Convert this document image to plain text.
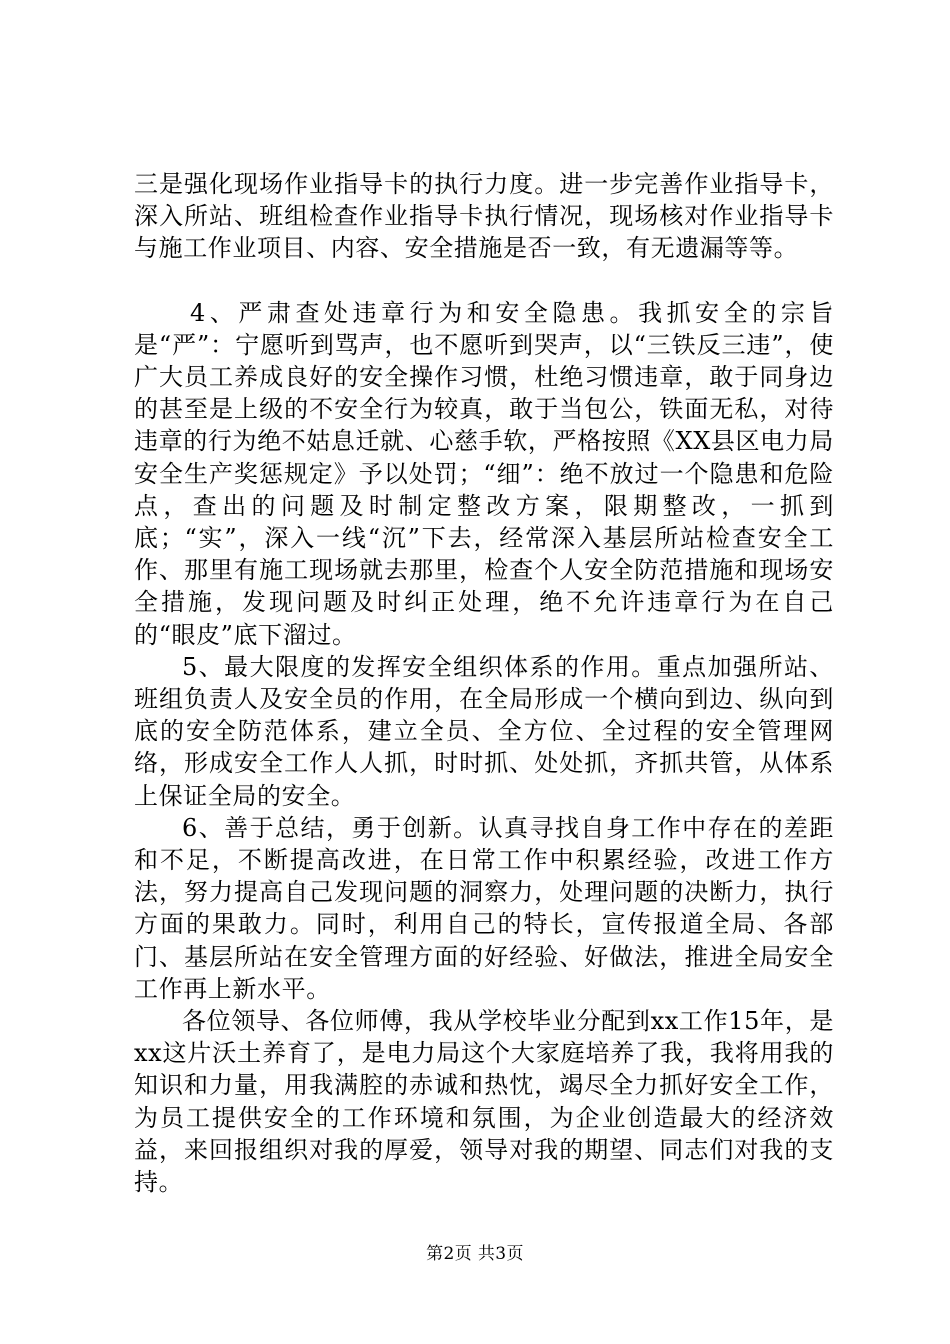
三是强化现场作业指导卡的执行力度。进一步完善作业指导卡，深入所站、班组检查作业指导卡执行情况，现场核对作业指导卡与施工作业项目、内容、安全措施是否一致，有无遗漏等等。

4、严肃查处违章行为和安全隐患。我抓安全的宗旨是“严”：宁愿听到骂声，也不愿听到哭声，以“三铁反三违”，使广大员工养成良好的安全操作习惯，杜绝习惯违章，敢于同身边的甚至是上级的不安全行为较真，敢于当包公，铁面无私，对待违章的行为绝不姑息迁就、心慈手软，严格按照《XX县区电力局安全生产奖惩规定》予以处罚；“细”：绝不放过一个隐患和危险点，查出的问题及时制定整改方案，限期整改，一抓到底；“实”，深入一线“沉”下去，经常深入基层所站检查安全工作、那里有施工现场就去那里，检查个人安全防范措施和现场安全措施，发现问题及时纠正处理，绝不允许违章行为在自己的“眼皮”底下溜过。

5、最大限度的发挥安全组织体系的作用。重点加强所站、班组负责人及安全员的作用，在全局形成一个横向到边、纵向到底的安全防范体系，建立全员、全方位、全过程的安全管理网络，形成安全工作人人抓，时时抓、处处抓，齐抓共管，从体系上保证全局的安全。

6、善于总结，勇于创新。认真寻找自身工作中存在的差距和不足，不断提高改进，在日常工作中积累经验，改进工作方法，努力提高自己发现问题的洞察力，处理问题的决断力，执行方面的果敢力。同时，利用自己的特长，宣传报道全局、各部门、基层所站在安全管理方面的好经验、好做法，推进全局安全工作再上新水平。

各位领导、各位师傅，我从学校毕业分配到xx工作15年，是xx这片沃土养育了，是电力局这个大家庭培养了我，我将用我的知识和力量，用我满腔的赤诚和热忱，竭尽全力抓好安全工作，为员工提供安全的工作环境和氛围，为企业创造最大的经济效益，来回报组织对我的厚爱，领导对我的期望、同志们对我的支持。

第2页 共3页
